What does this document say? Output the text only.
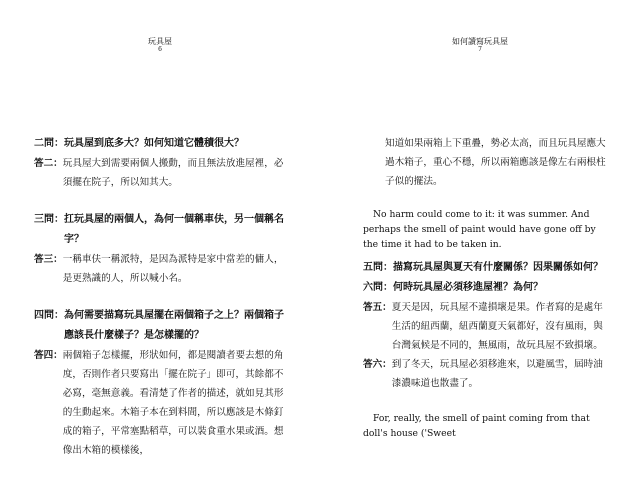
玩具屋
6
二問： 玩具屋到底多大？如何知道它體積很大？
答二： 玩具屋大到需要兩個人搬動，而且無法放進屋裡，必須擺在院子，所以知其大。
三問： 扛玩具屋的兩個人，為何一個稱車伕，另一個稱名字？
答三： 一稱車伕一稱派特，是因為派特是家中當差的傭人，是更熟識的人，所以喊小名。
四問： 為何需要描寫玩具屋擺在兩個箱子之上？兩個箱子應該長什麼樣子？是怎樣擺的？
答四： 兩個箱子怎樣擺，形狀如何，都是閱讀者要去想的角度，否則作者只要寫出「擺在院子」即可，其餘都不必寫，毫無意義。看清楚了作者的描述，就如見其形的生動起來。木箱子本在到料間，所以應該是木條釘成的箱子，平常塞點稻草，可以裝食重水果或酒。想像出木箱的模樣後，
如何讀寫玩具屋
7
知道如果兩箱上下重疊，勢必太高，而且玩具屋應大過木箱子，重心不穩，所以兩箱應該是像左右兩根柱子似的擺法。

No harm could come to it: it was summer. And perhaps the smell of paint would have gone off by the time it had to be taken in.

五問： 描寫玩具屋與夏天有什麼關係？因果關係如何？
六問： 何時玩具屋必須移進屋裡？為何？
答五： 夏天是因，玩具屋不違損壞是果。作者寫的是處年生活的紐西蘭，紐西蘭夏天氣都好，沒有風雨，與台灣氣候是不同的，無風雨，故玩具屋不致損壞。
答六： 到了冬天，玩具屋必須移進來，以避風雪，屆時油漆濃味道也散盡了。

For, really, the smell of paint coming from that doll's house ('Sweet
